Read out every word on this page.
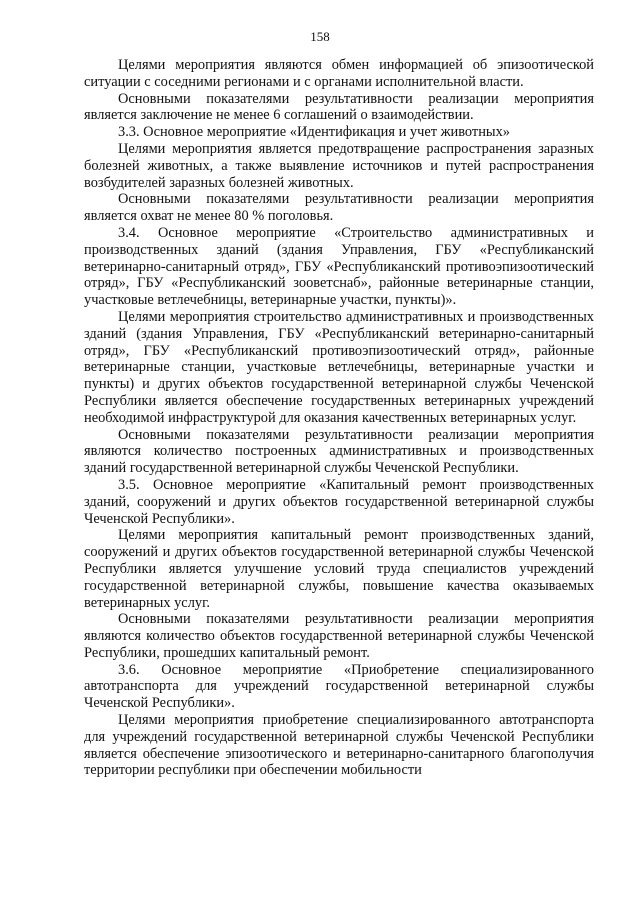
158

Целями мероприятия являются обмен информацией об эпизоотической ситуации с соседними регионами и с органами исполнительной власти.

Основными показателями результативности реализации мероприятия является заключение не менее 6 соглашений о взаимодействии.

3.3. Основное мероприятие «Идентификация и учет животных»

Целями мероприятия является предотвращение распространения заразных болезней животных, а также выявление источников и путей распространения возбудителей заразных болезней животных.

Основными показателями результативности реализации мероприятия является охват не менее 80 % поголовья.

3.4. Основное мероприятие «Строительство административных и производственных зданий (здания Управления, ГБУ «Республиканский ветеринарно-санитарный отряд», ГБУ «Республиканский противоэпизоотический отряд», ГБУ «Республиканский зооветснаб», районные ветеринарные станции, участковые ветлечебницы, ветеринарные участки, пункты)».

Целями мероприятия строительство административных и производственных зданий (здания Управления, ГБУ «Республиканский ветеринарно-санитарный отряд», ГБУ «Республиканский противоэпизоотический отряд», районные ветеринарные станции, участковые ветлечебницы, ветеринарные участки и пункты) и других объектов государственной ветеринарной службы Чеченской Республики является обеспечение государственных ветеринарных учреждений необходимой инфраструктурой для оказания качественных ветеринарных услуг.

Основными показателями результативности реализации мероприятия являются количество построенных административных и производственных зданий государственной ветеринарной службы Чеченской Республики.

3.5. Основное мероприятие «Капитальный ремонт производственных зданий, сооружений и других объектов государственной ветеринарной службы Чеченской Республики».

Целями мероприятия капитальный ремонт производственных зданий, сооружений и других объектов государственной ветеринарной службы Чеченской Республики является улучшение условий труда специалистов учреждений государственной ветеринарной службы, повышение качества оказываемых ветеринарных услуг.

Основными показателями результативности реализации мероприятия являются количество объектов государственной ветеринарной службы Чеченской Республики, прошедших капитальный ремонт.

3.6. Основное мероприятие «Приобретение специализированного автотранспорта для учреждений государственной ветеринарной службы Чеченской Республики».

Целями мероприятия приобретение специализированного автотранспорта для учреждений государственной ветеринарной службы Чеченской Республики является обеспечение эпизоотического и ветеринарно-санитарного благополучия территории республики при обеспечении мобильности
